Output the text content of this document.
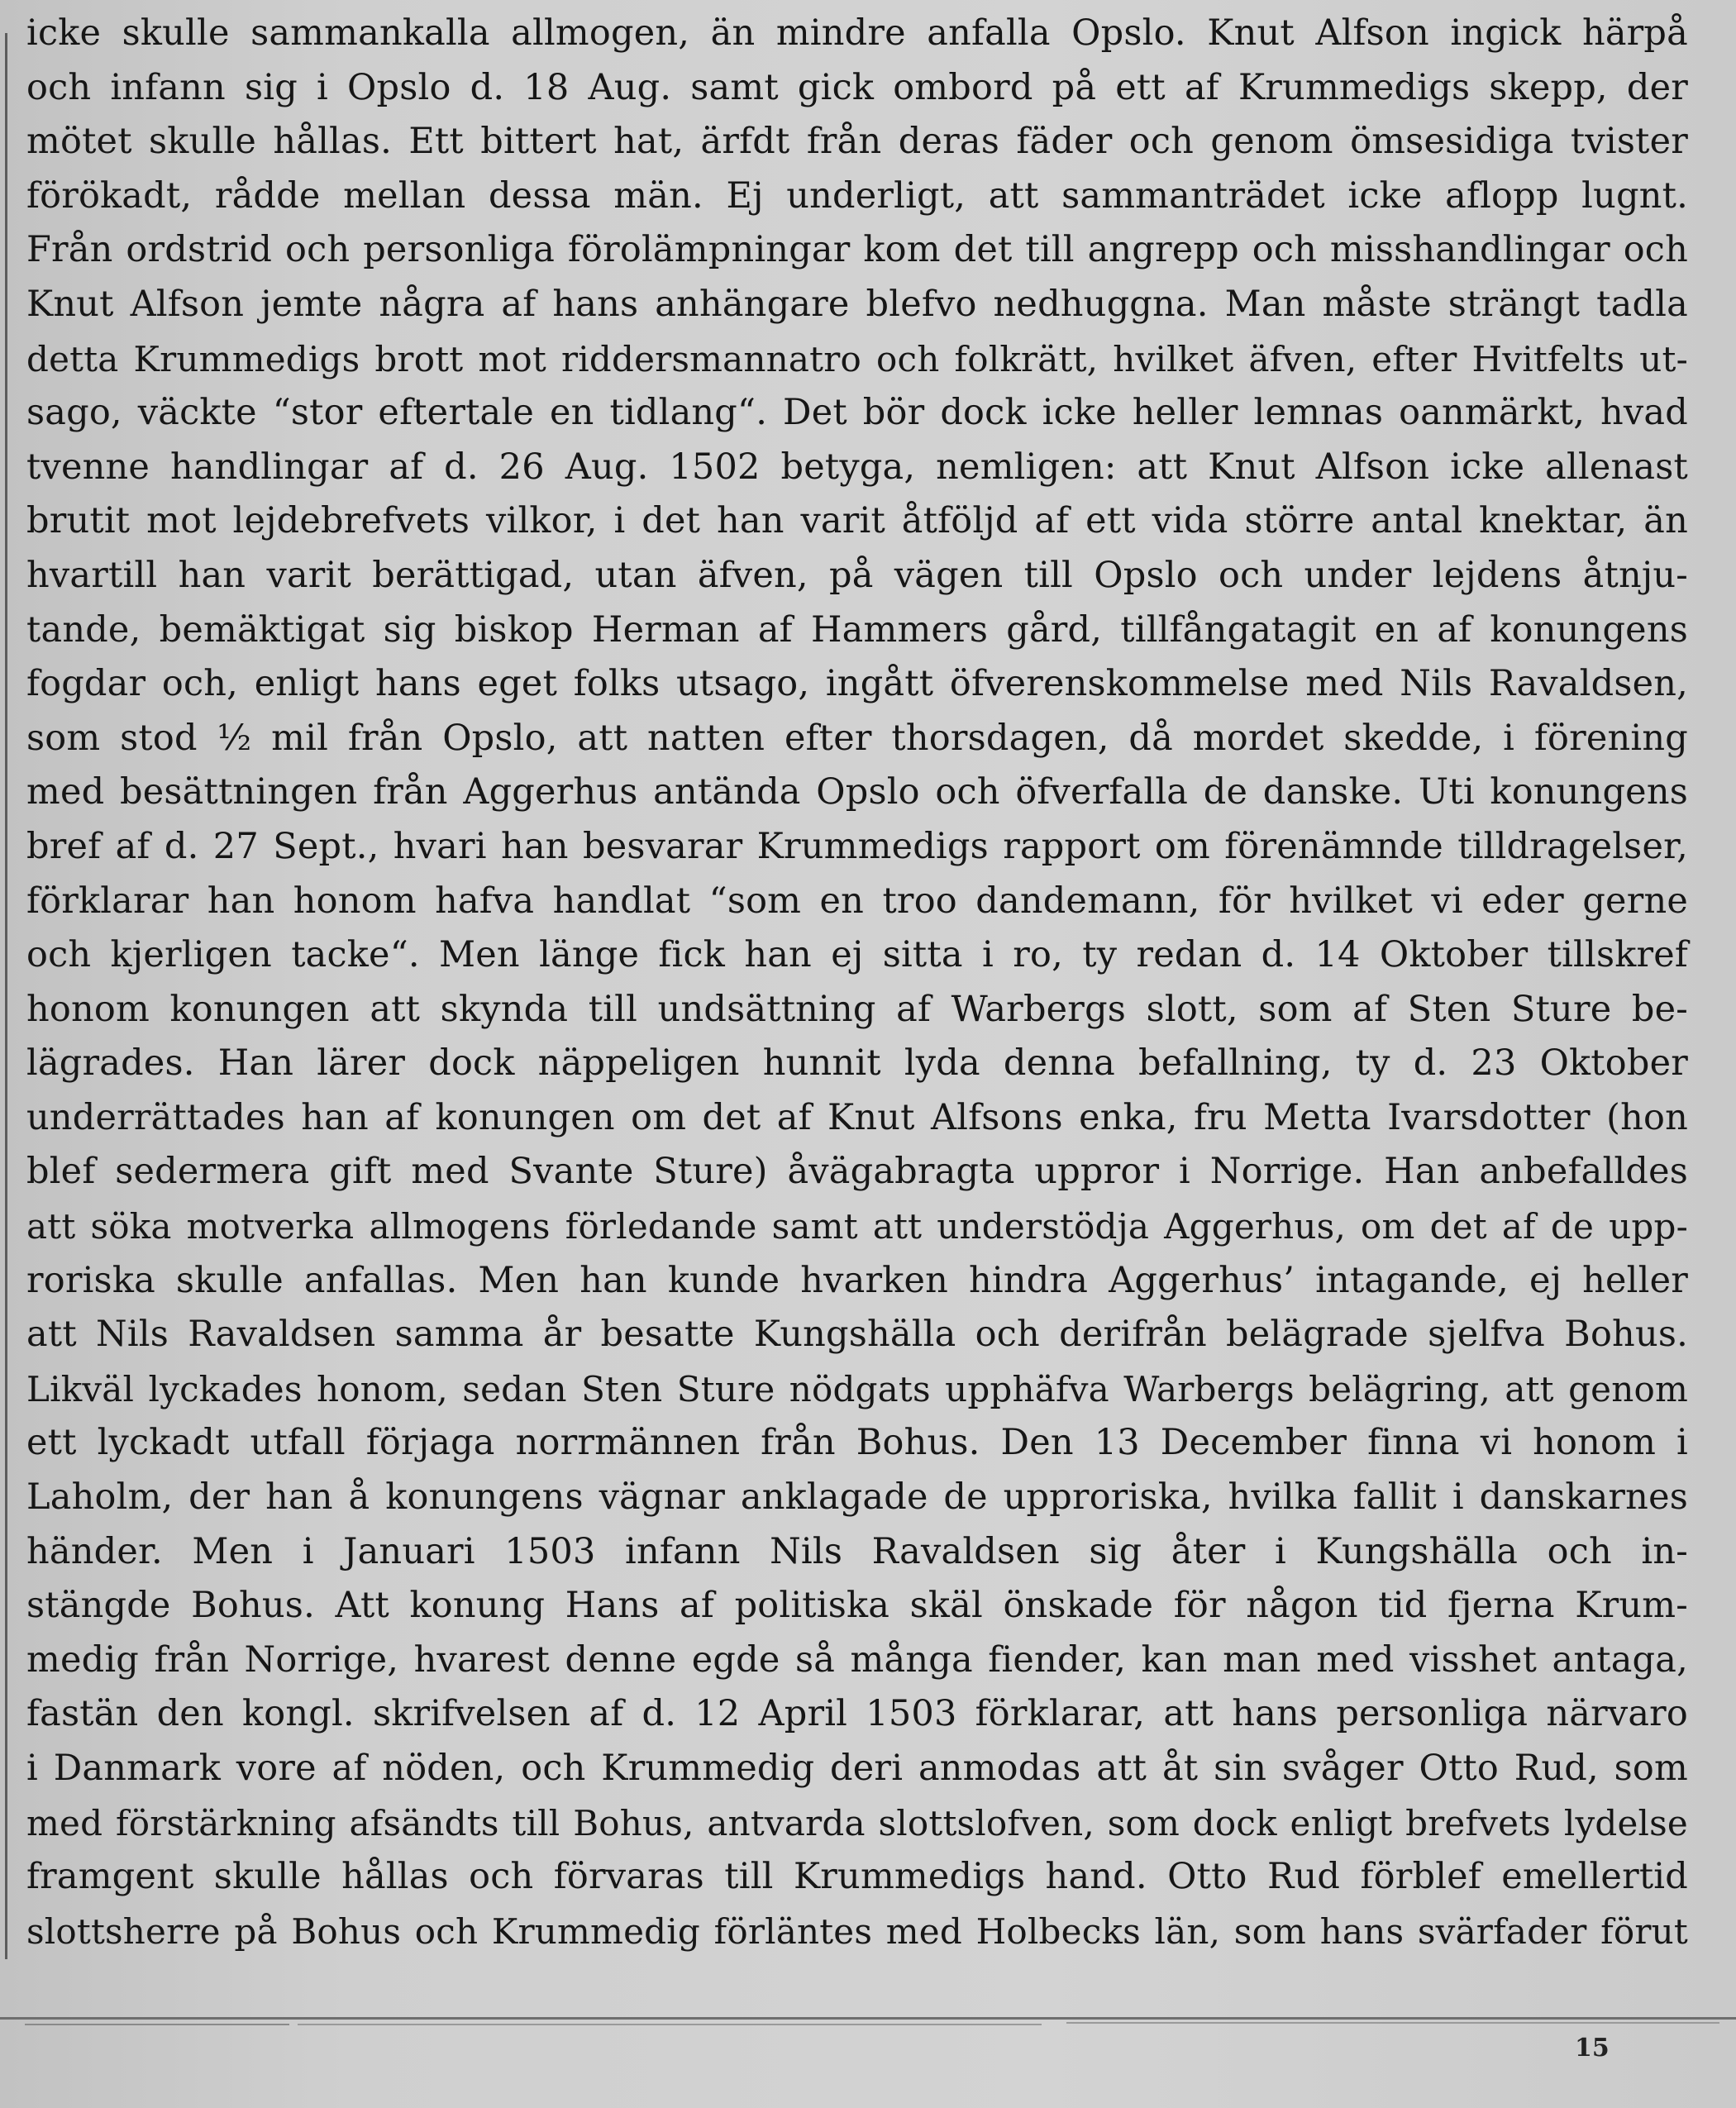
icke skulle sammankalla allmogen, än mindre anfalla Opslo. Knut Alfson ingick härpå
och infann sig i Opslo d. 18 Aug. samt gick ombord på ett af Krummedigs skepp, der
mötet skulle hållas. Ett bittert hat, ärfdt från deras fäder och genom ömsesidiga tvister
förökadt, rådde mellan dessa män. Ej underligt, att sammanträdet icke aflopp lugnt.
Från ordstrid och personliga förolämpningar kom det till angrepp och misshandlingar och
Knut Alfson jemte några af hans anhängare blefvo nedhuggna. Man måste strängt tadla
detta Krummedigs brott mot riddersmannatro och folkrätt, hvilket äfven, efter Hvitfelts ut-
sago, väckte “stor eftertale en tidlang“. Det bör dock icke heller lemnas oanmärkt, hvad
tvenne handlingar af d. 26 Aug. 1502 betyga, nemligen: att Knut Alfson icke allenast
brutit mot lejdebrefvets vilkor, i det han varit åtföljd af ett vida större antal knektar, än
hvartill han varit berättigad, utan äfven, på vägen till Opslo och under lejdens åtnju-
tande, bemäktigat sig biskop Herman af Hammers gård, tillfångatagit en af konungens
fogdar och, enligt hans eget folks utsago, ingått öfverenskommelse med Nils Ravaldsen,
som stod ½ mil från Opslo, att natten efter thorsdagen, då mordet skedde, i förening
med besättningen från Aggerhus antända Opslo och öfverfalla de danske. Uti konungens
bref af d. 27 Sept., hvari han besvarar Krummedigs rapport om förenämnde tilldragelser,
förklarar han honom hafva handlat “som en troo dandemann, för hvilket vi eder gerne
och kjerligen tacke“. Men länge fick han ej sitta i ro, ty redan d. 14 Oktober tillskref
honom konungen att skynda till undsättning af Warbergs slott, som af Sten Sture be-
lägrades. Han lärer dock näppeligen hunnit lyda denna befallning, ty d. 23 Oktober
underrättades han af konungen om det af Knut Alfsons enka, fru Metta Ivarsdotter (hon
blef sedermera gift med Svante Sture) åvägabragta uppror i Norrige. Han anbefalldes
att söka motverka allmogens förledande samt att understödja Aggerhus, om det af de upp-
roriska skulle anfallas. Men han kunde hvarken hindra Aggerhus’ intagande, ej heller
att Nils Ravaldsen samma år besatte Kungshälla och derifrån belägrade sjelfva Bohus.
Likväl lyckades honom, sedan Sten Sture nödgats upphäfva Warbergs belägring, att genom
ett lyckadt utfall förjaga norrmännen från Bohus. Den 13 December finna vi honom i
Laholm, der han å konungens vägnar anklagade de upproriska, hvilka fallit i danskarnes
händer. Men i Januari 1503 infann Nils Ravaldsen sig åter i Kungshälla och in-
stängde Bohus. Att konung Hans af politiska skäl önskade för någon tid fjerna Krum-
medig från Norrige, hvarest denne egde så många fiender, kan man med visshet antaga,
fastän den kongl. skrifvelsen af d. 12 April 1503 förklarar, att hans personliga närvaro
i Danmark vore af nöden, och Krummedig deri anmodas att åt sin svåger Otto Rud, som
med förstärkning afsändts till Bohus, antvarda slottslofven, som dock enligt brefvets lydelse
framgent skulle hållas och förvaras till Krummedigs hand. Otto Rud förblef emellertid
slottsherre på Bohus och Krummedig förläntes med Holbecks län, som hans svärfader förut
15
